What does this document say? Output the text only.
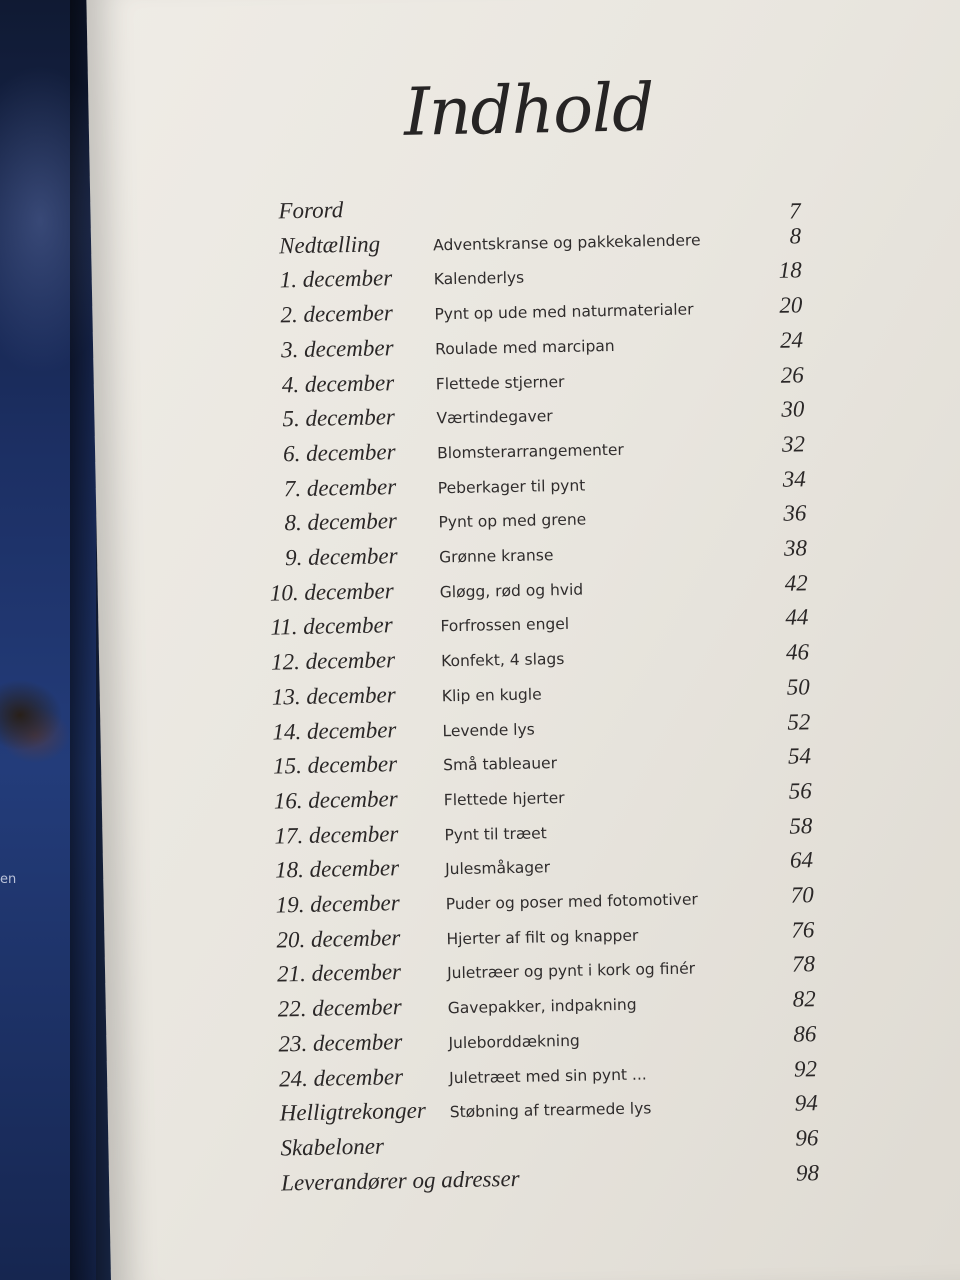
en
Indhold
Forord	7
Nedtælling	Adventskranse og pakkekalendere	8
1. december	Kalenderlys	18
2. december	Pynt op ude med naturmaterialer	20
3. december	Roulade med marcipan	24
4. december	Flettede stjerner	26
5. december	Værtindegaver	30
6. december	Blomsterarrangementer	32
7. december	Peberkager til pynt	34
8. december	Pynt op med grene	36
9. december	Grønne kranse	38
10. december	Gløgg, rød og hvid	42
11. december	Forfrossen engel	44
12. december	Konfekt, 4 slags	46
13. december	Klip en kugle	50
14. december	Levende lys	52
15. december	Små tableauer	54
16. december	Flettede hjerter	56
17. december	Pynt til træet	58
18. december	Julesmåkager	64
19. december	Puder og poser med fotomotiver	70
20. december	Hjerter af filt og knapper	76
21. december	Juletræer og pynt i kork og finér	78
22. december	Gavepakker, indpakning	82
23. december	Juleborddækning	86
24. december	Juletræet med sin pynt ...	92
Helligtrekonger	Støbning af trearmede lys	94
Skabeloner	96
Leverandører og adresser	98
